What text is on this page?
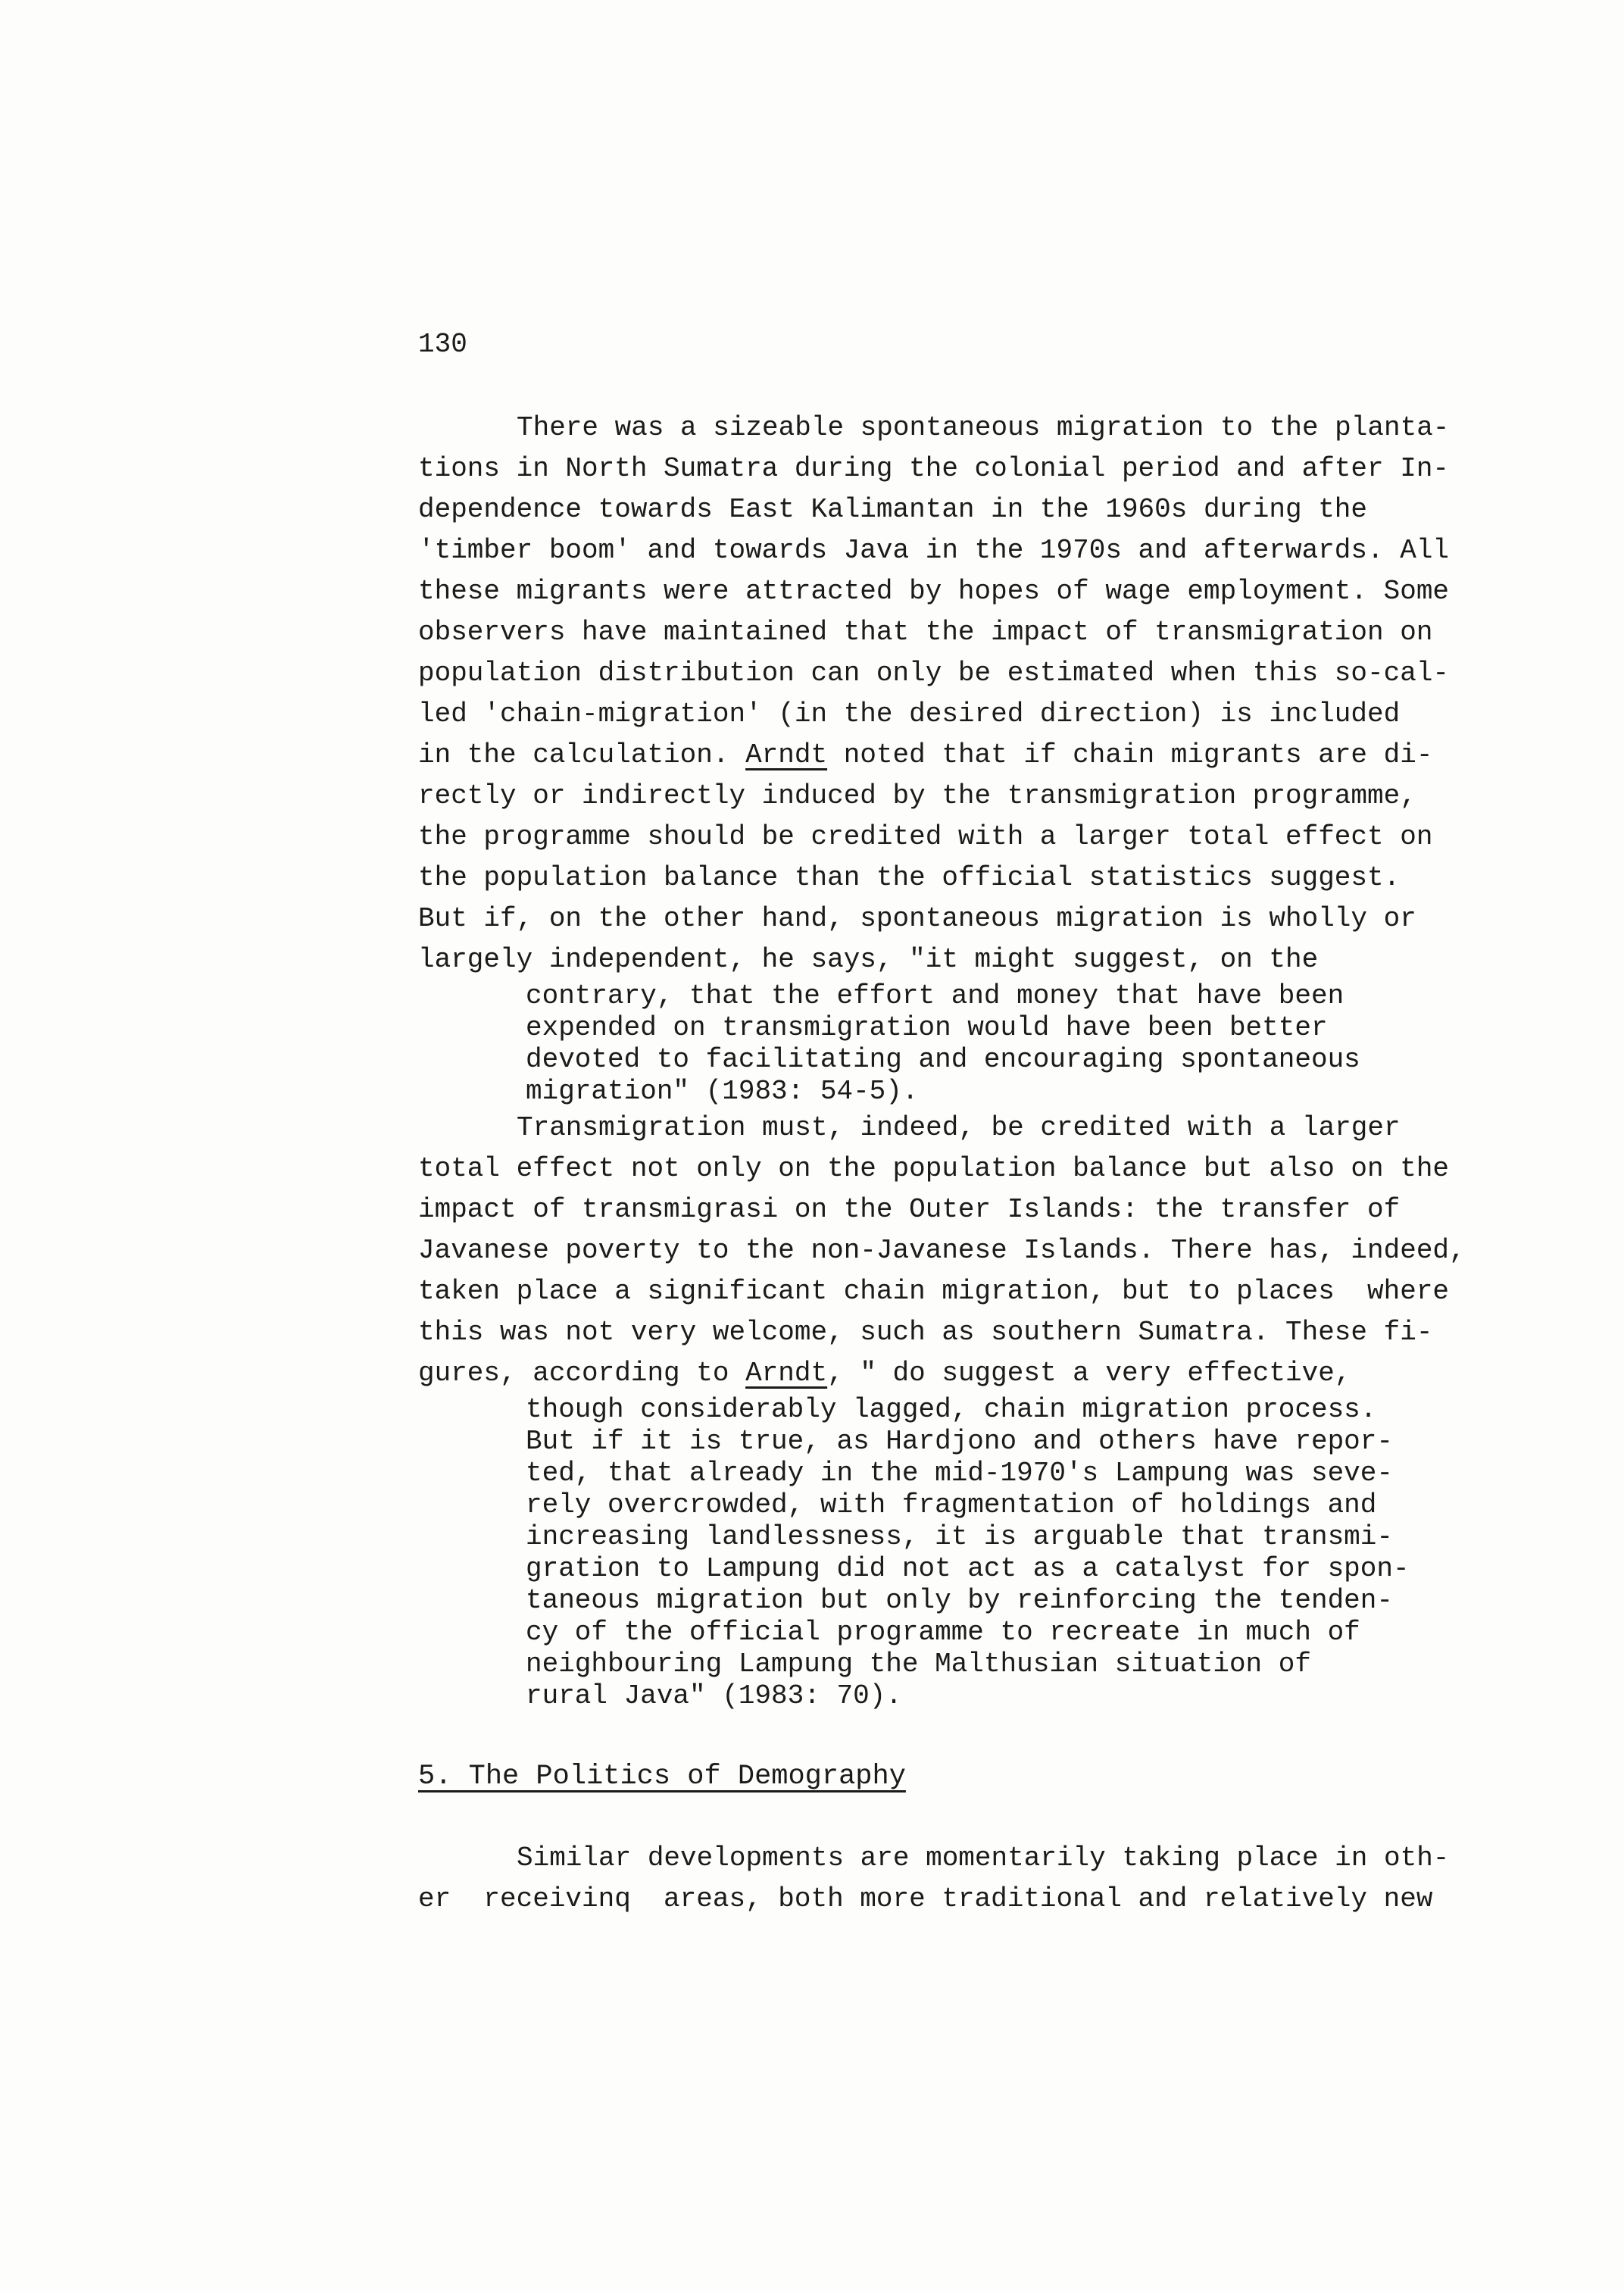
130
There was a sizeable spontaneous migration to the planta-
tions in North Sumatra during the colonial period and after In-
dependence towards East Kalimantan in the 1960s during the
'timber boom' and towards Java in the 1970s and afterwards. All
these migrants were attracted by hopes of wage employment. Some
observers have maintained that the impact of transmigration on
population distribution can only be estimated when this so-cal-
led 'chain-migration' (in the desired direction) is included
in the calculation. Arndt noted that if chain migrants are di-
rectly or indirectly induced by the transmigration programme,
the programme should be credited with a larger total effect on
the population balance than the official statistics suggest.
But if, on the other hand, spontaneous migration is wholly or
largely independent, he says, "it might suggest, on the
contrary, that the effort and money that have been
expended on transmigration would have been better
devoted to facilitating and encouraging spontaneous
migration" (1983: 54-5).
Transmigration must, indeed, be credited with a larger
total effect not only on the population balance but also on the
impact of transmigrasi on the Outer Islands: the transfer of
Javanese poverty to the non-Javanese Islands. There has, indeed,
taken place a significant chain migration, but to places  where
this was not very welcome, such as southern Sumatra. These fi-
gures, according to Arndt, " do suggest a very effective,
though considerably lagged, chain migration process.
But if it is true, as Hardjono and others have repor-
ted, that already in the mid-1970's Lampung was seve-
rely overcrowded, with fragmentation of holdings and
increasing landlessness, it is arguable that transmi-
gration to Lampung did not act as a catalyst for spon-
taneous migration but only by reinforcing the tenden-
cy of the official programme to recreate in much of
neighbouring Lampung the Malthusian situation of
rural Java" (1983: 70).
5. The Politics of Demography
Similar developments are momentarily taking place in oth-
er  receivinq  areas, both more traditional and relatively new
